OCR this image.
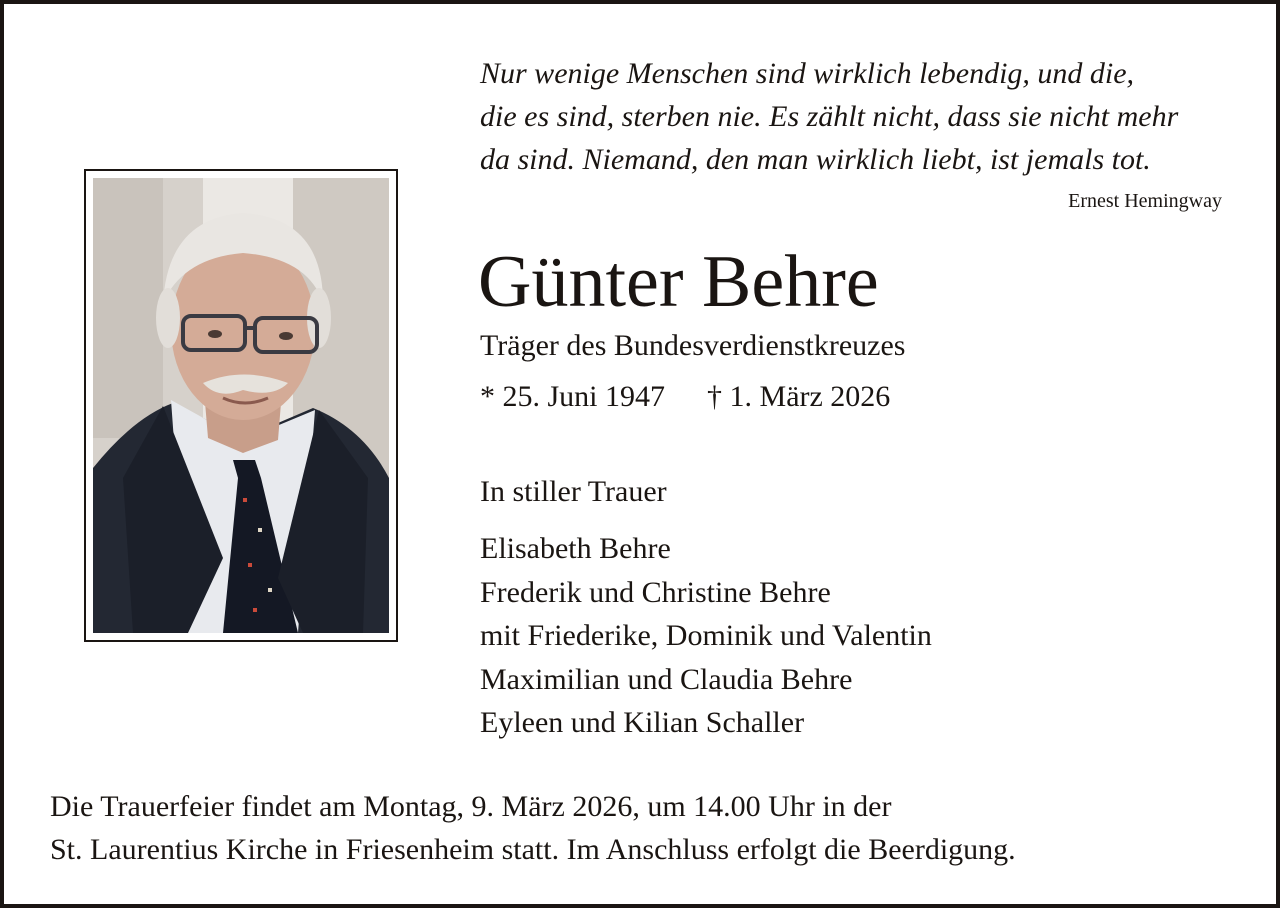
Nur wenige Menschen sind wirklich lebendig, und die,
die es sind, sterben nie. Es zählt nicht, dass sie nicht mehr
da sind. Niemand, den man wirklich liebt, ist jemals tot.
Ernest Hemingway
Günter Behre
Träger des Bundesverdienstkreuzes
* 25. Juni 1947 † 1. März 2026
In stiller Trauer
Elisabeth Behre
Frederik und Christine Behre
mit Friederike, Dominik und Valentin
Maximilian und Claudia Behre
Eyleen und Kilian Schaller
Die Trauerfeier findet am Montag, 9. März 2026, um 14.00 Uhr in der
St. Laurentius Kirche in Friesenheim statt. Im Anschluss erfolgt die Beerdigung.
